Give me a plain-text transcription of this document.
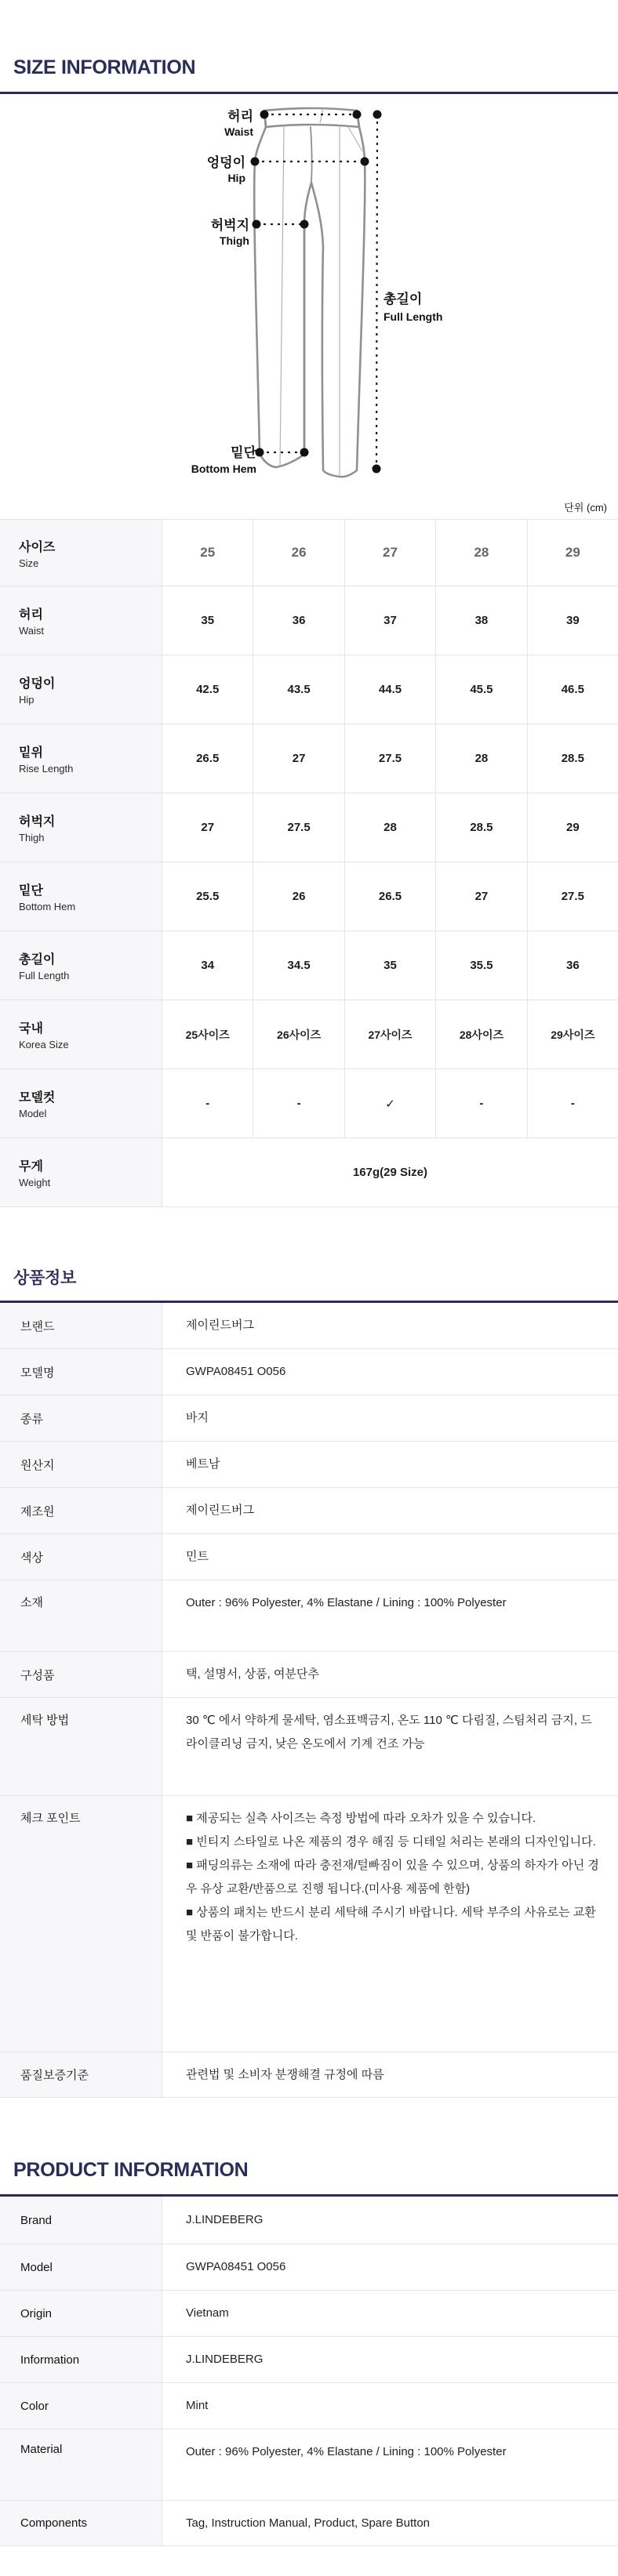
SIZE INFORMATION
허리
Waist
엉덩이
Hip
허벅지
Thigh
밑단
Bottom Hem
총길이
Full Length
단위 (cm)
사이즈
Size
25	26	27	28	29
허리
Waist
35	36	37	38	39
엉덩이
Hip
42.5	43.5	44.5	45.5	46.5
밑위
Rise Length
26.5	27	27.5	28	28.5
허벅지
Thigh
27	27.5	28	28.5	29
밑단
Bottom Hem
25.5	26	26.5	27	27.5
총길이
Full Length
34	34.5	35	35.5	36
국내
Korea Size
25사이즈	26사이즈	27사이즈	28사이즈	29사이즈
모델컷
Model
-	-	✓	-	-
무게
Weight
167g(29 Size)
상품정보
브랜드	제이린드버그
모델명	GWPA08451 O056
종류	바지
원산지	베트남
제조원	제이린드버그
색상	민트
소재	Outer : 96% Polyester, 4% Elastane / Lining : 100% Polyester
구성품	택, 설명서, 상품, 여분단추
세탁 방법	30 ℃ 에서 약하게 물세탁, 염소표백금지, 온도 110 ℃ 다림질, 스팀처리 금지, 드라이클리닝 금지, 낮은 온도에서 기계 건조 가능
체크 포인트	■ 제공되는 실측 사이즈는 측정 방법에 따라 오차가 있을 수 있습니다.

■ 빈티지 스타일로 나온 제품의 경우 해짐 등 디테일 처리는 본래의 디자인입니다.

■ 패딩의류는 소재에 따라 충전재/털빠짐이 있을 수 있으며, 상품의 하자가 아닌 경우 유상 교환/반품으로 진행 됩니다.(미사용 제품에 한함)

■ 상품의 패치는 반드시 분리 세탁해 주시기 바랍니다. 세탁 부주의 사유로는 교환 및 반품이 불가합니다.

품질보증기준	관련법 및 소비자 분쟁해결 규정에 따름
PRODUCT INFORMATION
Brand	J.LINDEBERG
Model	GWPA08451 O056
Origin	Vietnam
Information	J.LINDEBERG
Color	Mint
Material	Outer : 96% Polyester, 4% Elastane / Lining : 100% Polyester
Components	Tag, Instruction Manual, Product, Spare Button
